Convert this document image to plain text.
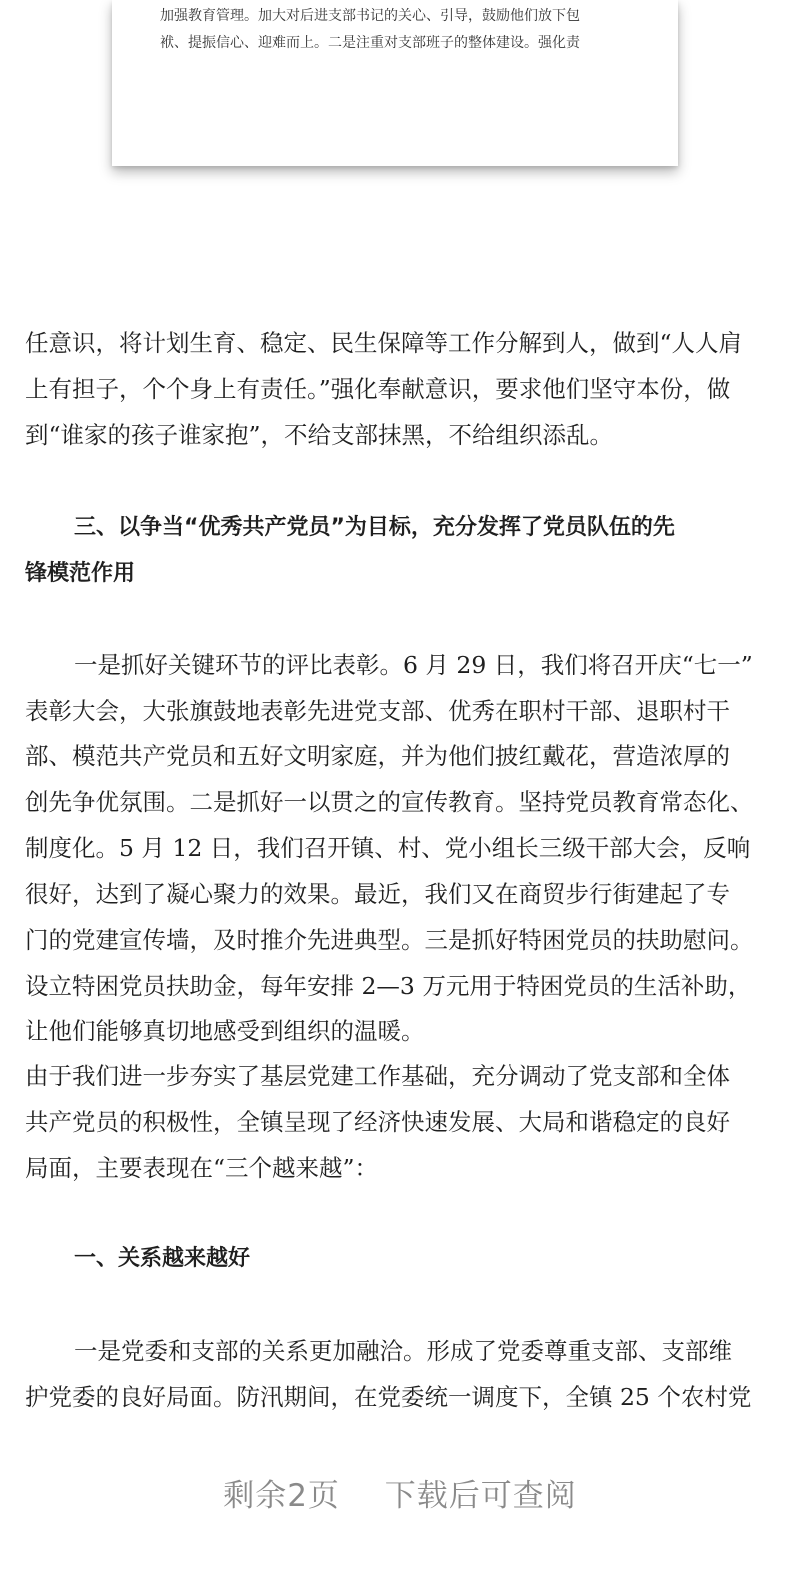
加强教育管理。加大对后进支部书记的关心、引导，鼓励他们放下包
袱、提振信心、迎难而上。二是注重对支部班子的整体建设。强化责
任意识，将计划生育、稳定、民生保障等工作分解到人，做到“人人肩
上有担子，个个身上有责任。”强化奉献意识，要求他们坚守本份，做
到“谁家的孩子谁家抱”，不给支部抹黑，不给组织添乱。
三、以争当“优秀共产党员”为目标，充分发挥了党员队伍的先
锋模范作用
一是抓好关键环节的评比表彰。6 月 29 日，我们将召开庆“七一”
表彰大会，大张旗鼓地表彰先进党支部、优秀在职村干部、退职村干
部、模范共产党员和五好文明家庭，并为他们披红戴花，营造浓厚的
创先争优氛围。二是抓好一以贯之的宣传教育。坚持党员教育常态化、
制度化。5 月 12 日，我们召开镇、村、党小组长三级干部大会，反响
很好，达到了凝心聚力的效果。最近，我们又在商贸步行街建起了专
门的党建宣传墙，及时推介先进典型。三是抓好特困党员的扶助慰问。
设立特困党员扶助金，每年安排 2—3 万元用于特困党员的生活补助，
让他们能够真切地感受到组织的温暖。
由于我们进一步夯实了基层党建工作基础，充分调动了党支部和全体
共产党员的积极性，全镇呈现了经济快速发展、大局和谐稳定的良好
局面，主要表现在“三个越来越”：
一、关系越来越好
一是党委和支部的关系更加融洽。形成了党委尊重支部、支部维
护党委的良好局面。防汛期间，在党委统一调度下，全镇 25 个农村党
剩余2页 下载后可查阅
